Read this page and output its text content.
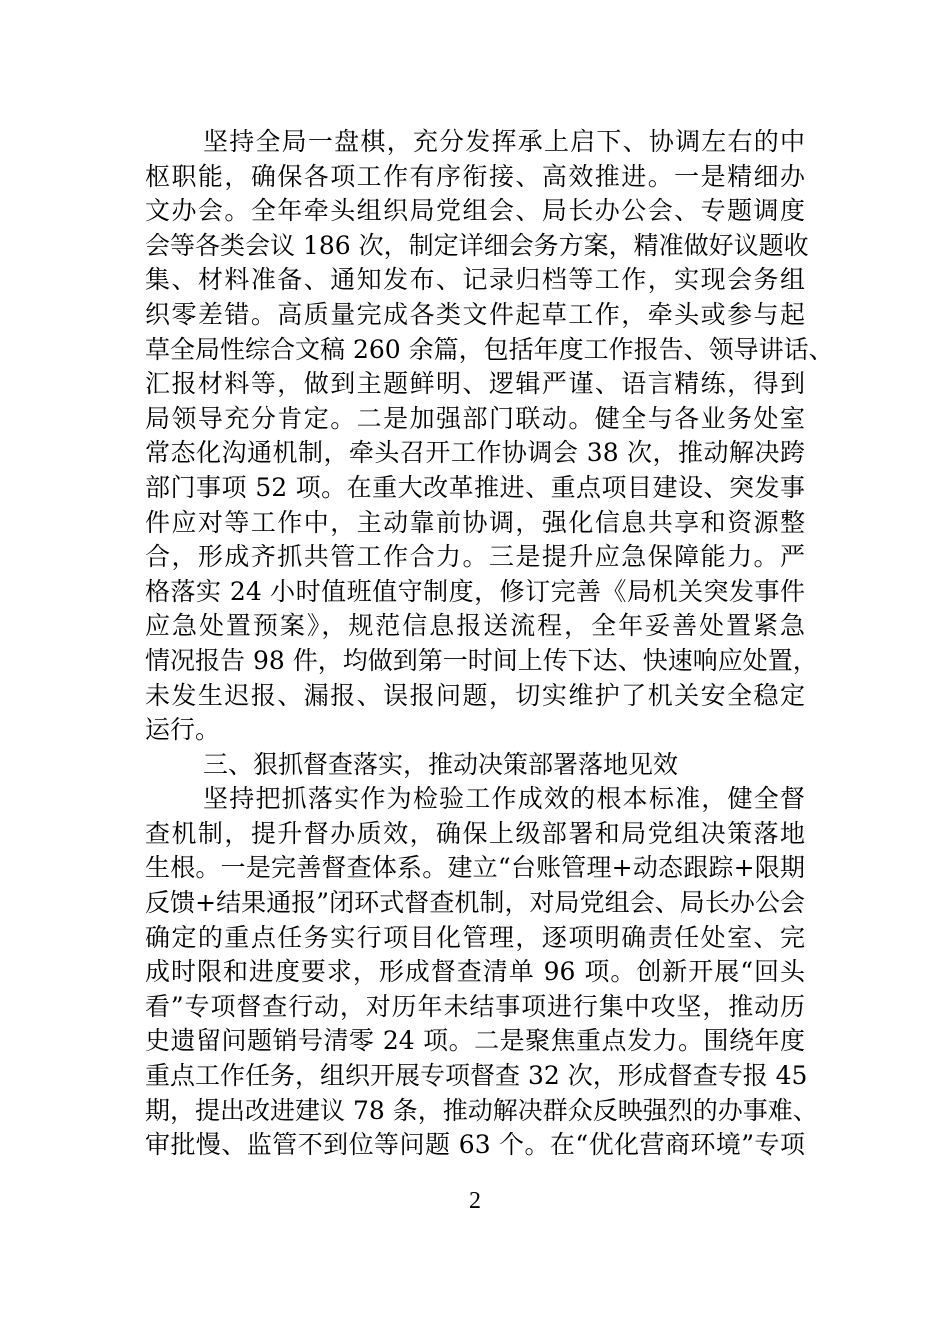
坚持全局一盘棋，充分发挥承上启下、协调左右的中
枢职能，确保各项工作有序衔接、高效推进。一是精细办
文办会。全年牵头组织局党组会、局长办公会、专题调度
会等各类会议 186 次，制定详细会务方案，精准做好议题收
集、材料准备、通知发布、记录归档等工作，实现会务组
织零差错。高质量完成各类文件起草工作，牵头或参与起
草全局性综合文稿 260 余篇，包括年度工作报告、领导讲话、
汇报材料等，做到主题鲜明、逻辑严谨、语言精练，得到
局领导充分肯定。二是加强部门联动。健全与各业务处室
常态化沟通机制，牵头召开工作协调会 38 次，推动解决跨
部门事项 52 项。在重大改革推进、重点项目建设、突发事
件应对等工作中，主动靠前协调，强化信息共享和资源整
合，形成齐抓共管工作合力。三是提升应急保障能力。严
格落实 24 小时值班值守制度，修订完善《局机关突发事件
应急处置预案》，规范信息报送流程，全年妥善处置紧急
情况报告 98 件，均做到第一时间上传下达、快速响应处置，
未发生迟报、漏报、误报问题，切实维护了机关安全稳定
运行。
三、狠抓督查落实，推动决策部署落地见效
坚持把抓落实作为检验工作成效的根本标准，健全督
查机制，提升督办质效，确保上级部署和局党组决策落地
生根。一是完善督查体系。建立“台账管理+动态跟踪+限期
反馈+结果通报”闭环式督查机制，对局党组会、局长办公会
确定的重点任务实行项目化管理，逐项明确责任处室、完
成时限和进度要求，形成督查清单 96 项。创新开展“回头
看”专项督查行动，对历年未结事项进行集中攻坚，推动历
史遗留问题销号清零 24 项。二是聚焦重点发力。围绕年度
重点工作任务，组织开展专项督查 32 次，形成督查专报 45
期，提出改进建议 78 条，推动解决群众反映强烈的办事难、
审批慢、监管不到位等问题 63 个。在“优化营商环境”专项
2
